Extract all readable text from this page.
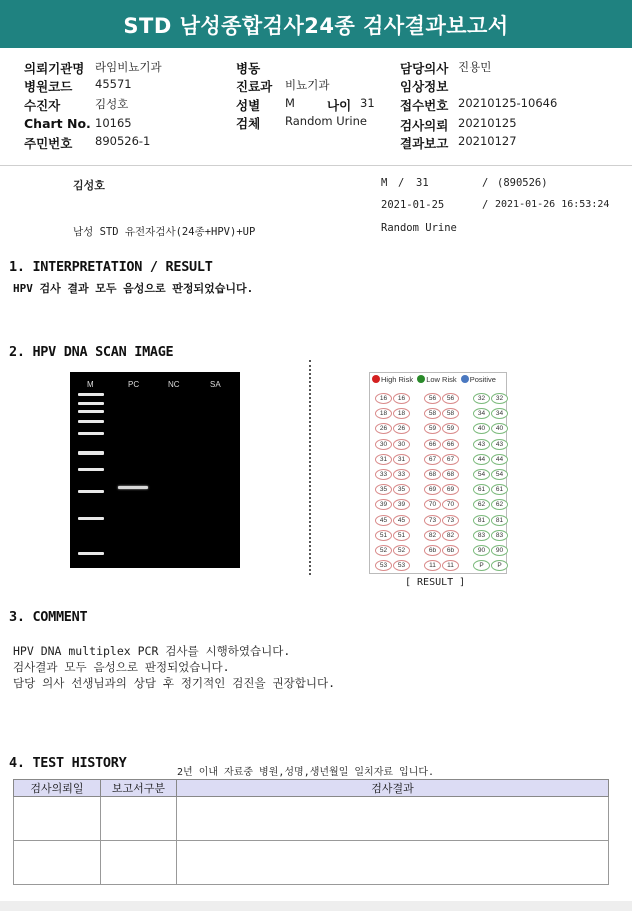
STD 남성종합검사24종 검사결과보고서
의뢰기관명 라임비뇨기과
병원코드 45571
수진자	김성호
Chart No. 10165
주민번호 890526-1
병동
진료과 비뇨기과
성별 M	나이 31
검체 Random Urine
담당의사 진용민
임상정보
접수번호 20210125-10646
검사의뢰 20210125
결과보고 20210127
김성호	M / 31	/ (890526)
2021-01-25	/ 2021-01-26 16:53:24
남성 STD 유전자검사(24종+HPV)+UP	Random Urine
1. INTERPRETATION / RESULT
HPV 검사 결과 모두 음성으로 판정되었습니다.
2. HPV DNA SCAN IMAGE
M	PC	NC	SA
High Risk Low Risk Positive
16	16	56	56	32	32
18	18	58	58	34	34
26	26	59	59	40	40
30	30	66	66	43	43
31	31	67	67	44	44
33	33	68	68	54	54
35	35	69	69	61	61
39	39	70	70	62	62
45	45	73	73	81	81
51	51	82	82	83	83
52	52	6b	6b	90	90
53	53	11	11	P	P
[ RESULT ]
3. COMMENT
HPV DNA multiplex PCR 검사를 시행하였습니다.
검사결과 모두 음성으로 판정되었습니다.
담당 의사 선생님과의 상담 후 정기적인 검진을 권장합니다.
4. TEST HISTORY
2년 이내 자료중 병원,성명,생년월일 일치자료 입니다.
검사의뢰일	보고서구분	검사결과
